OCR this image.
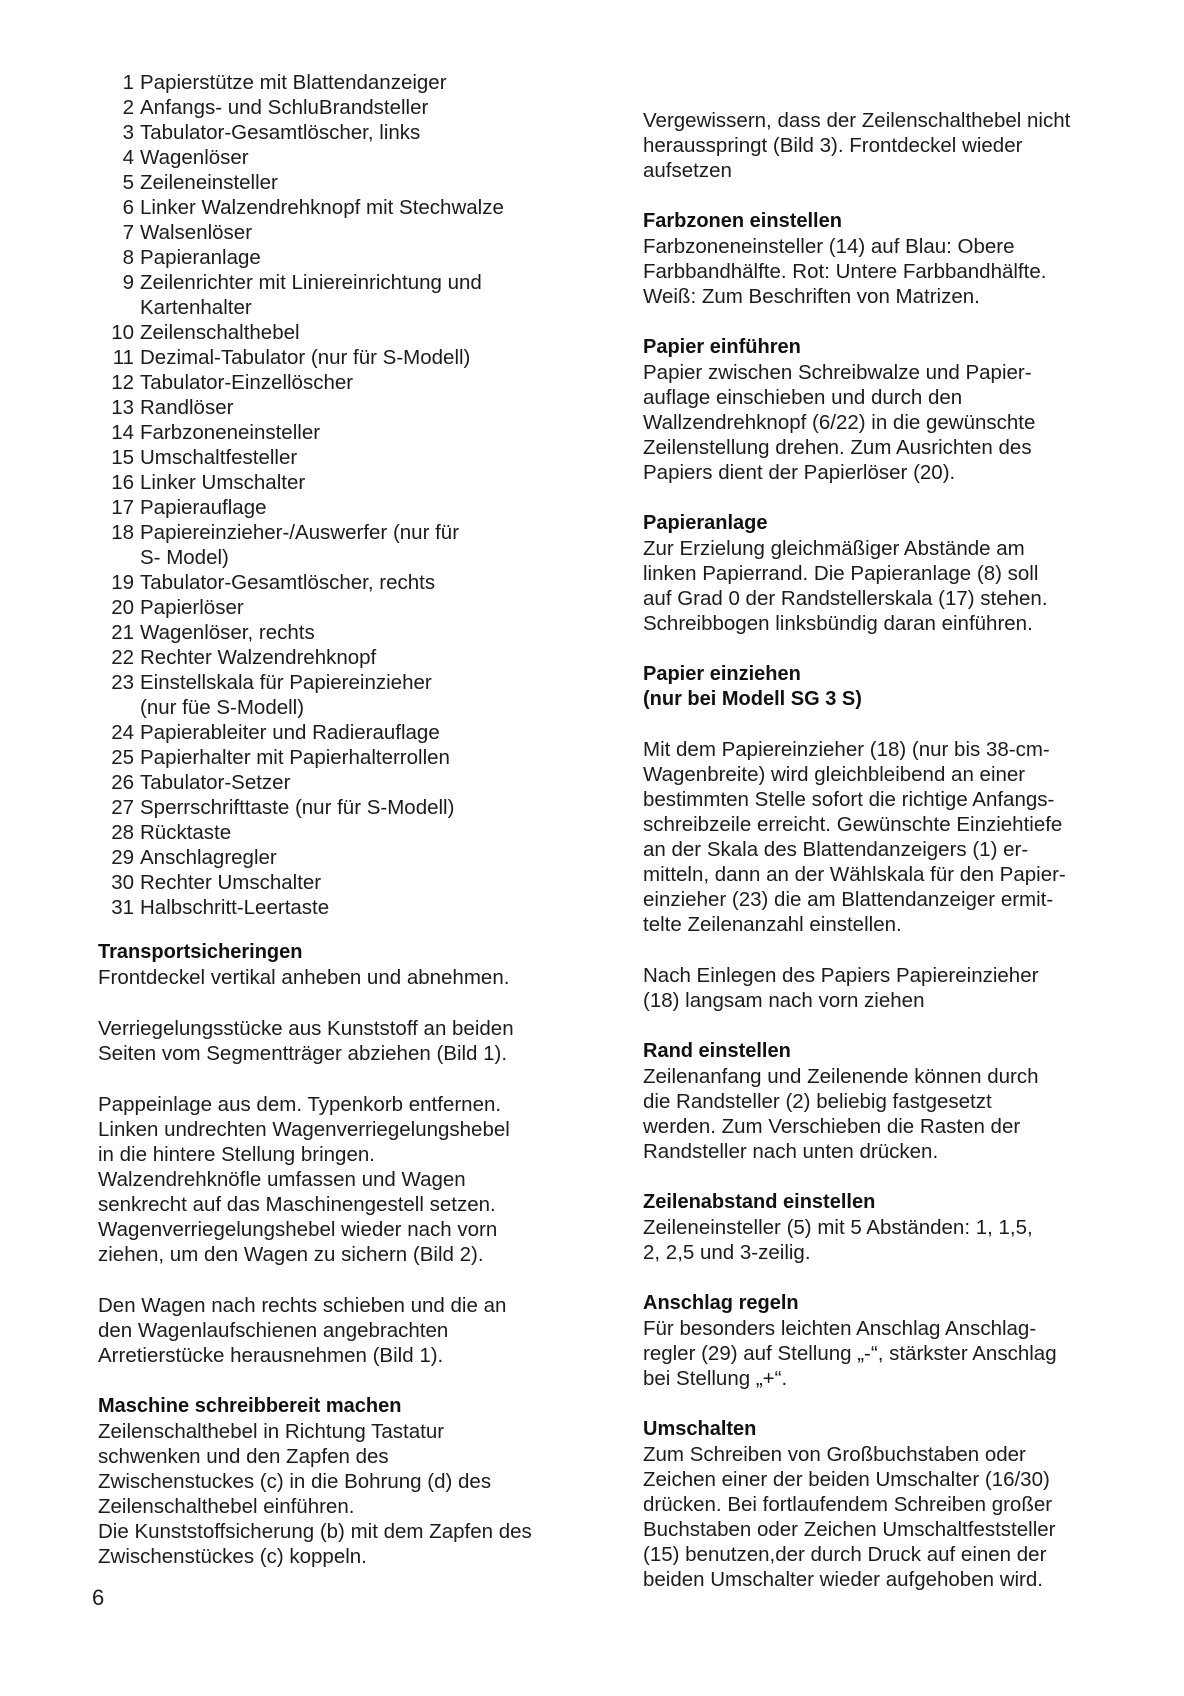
1 Papierstütze mit Blattendanzeiger
2 Anfangs- und SchluBrandsteller
3 Tabulator-Gesamtlöscher, links
4 Wagenlöser
5 Zeileneinsteller
6 Linker Walzendrehknopf mit Stechwalze
7 Walsenlöser
8 Papieranlage
9 Zeilenrichter mit Liniereinrichtung und
Kartenhalter
10 Zeilenschalthebel
11 Dezimal-Tabulator (nur für S-Modell)
12 Tabulator-Einzellöscher
13 Randlöser
14 Farbzoneneinsteller
15 Umschaltfesteller
16 Linker Umschalter
17 Papierauflage
18 Papiereinzieher-/Auswerfer (nur für
S- Model)
19 Tabulator-Gesamtlöscher, rechts
20 Papierlöser
21 Wagenlöser, rechts
22 Rechter Walzendrehknopf
23 Einstellskala für Papiereinzieher
(nur füe S-Modell)
24 Papierableiter und Radierauflage
25 Papierhalter mit Papierhalterrollen
26 Tabulator-Setzer
27 Sperrschrifttaste (nur für S-Modell)
28 Rücktaste
29 Anschlagregler
30 Rechter Umschalter
31 Halbschritt-Leertaste
Transportsicheringen

Frontdeckel vertikal anheben und abnehmen.

Verriegelungsstücke aus Kunststoff an beiden
Seiten vom Segmentträger abziehen (Bild 1).

Pappeinlage aus dem. Typenkorb entfernen.
Linken undrechten Wagenverriegelungshebel
in die hintere Stellung bringen.
Walzendrehknöfle umfassen und Wagen
senkrecht auf das Maschinengestell setzen.
Wagenverriegelungshebel wieder nach vorn
ziehen, um den Wagen zu sichern (Bild 2).

Den Wagen nach rechts schieben und die an
den Wagenlaufschienen angebrachten
Arretierstücke herausnehmen (Bild 1).

Maschine schreibbereit machen

Zeilenschalthebel in Richtung Tastatur
schwenken und den Zapfen des
Zwischenstuckes (c) in die Bohrung (d) des
Zeilenschalthebel einführen.
Die Kunststoffsicherung (b) mit dem Zapfen des
Zwischenstückes (c) koppeln.

Vergewissern, dass der Zeilenschalthebel nicht
herausspringt (Bild 3). Frontdeckel wieder
aufsetzen

Farbzonen einstellen

Farbzoneneinsteller (14) auf Blau: Obere
Farbbandhälfte. Rot: Untere Farbbandhälfte.
Weiß: Zum Beschriften von Matrizen.

Papier einführen

Papier zwischen Schreibwalze und Papier-
auflage einschieben und durch den
Wallzendrehknopf (6/22) in die gewünschte
Zeilenstellung drehen. Zum Ausrichten des
Papiers dient der Papierlöser (20).

Papieranlage

Zur Erzielung gleichmäßiger Abstände am
linken Papierrand. Die Papieranlage (8) soll
auf Grad 0 der Randstellerskala (17) stehen.
Schreibbogen linksbündig daran einführen.

Papier einziehen
(nur bei Modell SG 3 S)

Mit dem Papiereinzieher (18) (nur bis 38-cm-
Wagenbreite) wird gleichbleibend an einer
bestimmten Stelle sofort die richtige Anfangs-
schreibzeile erreicht. Gewünschte Einziehtiefe
an der Skala des Blattendanzeigers (1) er-
mitteln, dann an der Wählskala für den Papier-
einzieher (23) die am Blattendanzeiger ermit-
telte Zeilenanzahl einstellen.

Nach Einlegen des Papiers Papiereinzieher
(18) langsam nach vorn ziehen

Rand einstellen

Zeilenanfang und Zeilenende können durch
die Randsteller (2) beliebig fastgesetzt
werden. Zum Verschieben die Rasten der
Randsteller nach unten drücken.

Zeilenabstand einstellen

Zeileneinsteller (5) mit 5 Abständen: 1, 1,5,
2, 2,5 und 3-zeilig.

Anschlag regeln

Für besonders leichten Anschlag Anschlag-
regler (29) auf Stellung „-“, stärkster Anschlag
bei Stellung „+“.

Umschalten

Zum Schreiben von Großbuchstaben oder
Zeichen einer der beiden Umschalter (16/30)
drücken. Bei fortlaufendem Schreiben großer
Buchstaben oder Zeichen Umschaltfeststeller
(15) benutzen,der durch Druck auf einen der
beiden Umschalter wieder aufgehoben wird.

6
